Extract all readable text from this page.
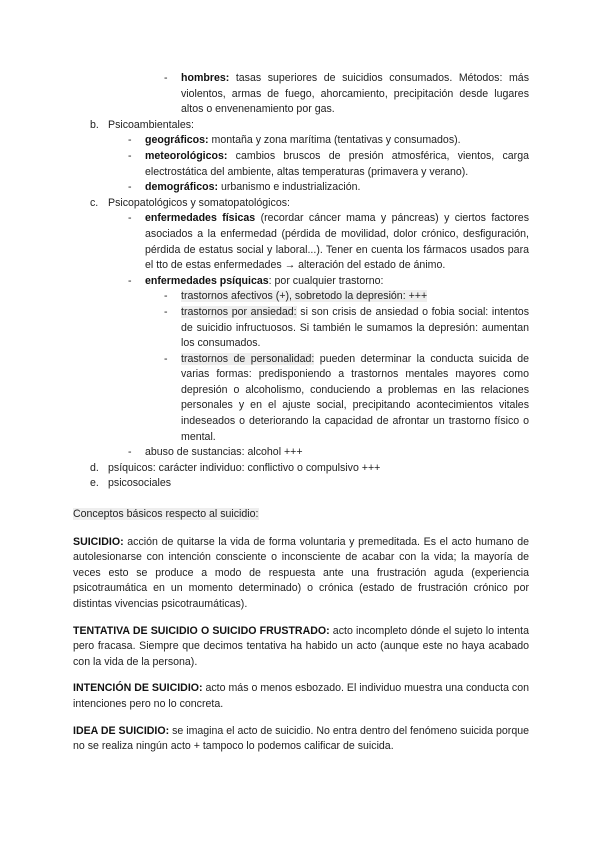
- hombres: tasas superiores de suicidios consumados. Métodos: más violentos, armas de fuego, ahorcamiento, precipitación desde lugares altos o envenenamiento por gas.
b. Psicoambientales:
- geográficos: montaña y zona marítima (tentativas y consumados).
- meteorológicos: cambios bruscos de presión atmosférica, vientos, carga electrostática del ambiente, altas temperaturas (primavera y verano).
- demográficos: urbanismo e industrialización.
c. Psicopatológicos y somatopatológicos:
- enfermedades físicas (recordar cáncer mama y páncreas) y ciertos factores asociados a la enfermedad (pérdida de movilidad, dolor crónico, desfiguración, pérdida de estatus social y laboral...). Tener en cuenta los fármacos usados para el tto de estas enfermedades → alteración del estado de ánimo.
- enfermedades psíquicas: por cualquier trastorno:
- trastornos afectivos (+), sobretodo la depresión: +++
- trastornos por ansiedad: si son crisis de ansiedad o fobia social: intentos de suicidio infructuosos. Si también le sumamos la depresión: aumentan los consumados.
- trastornos de personalidad: pueden determinar la conducta suicida de varias formas: predisponiendo a trastornos mentales mayores como depresión o alcoholismo, conduciendo a problemas en las relaciones personales y en el ajuste social, precipitando acontecimientos vitales indeseados o deteriorando la capacidad de afrontar un trastorno físico o mental.
- abuso de sustancias: alcohol +++
d. psíquicos: carácter individuo: conflictivo o compulsivo +++
e. psicosociales
Conceptos básicos respecto al suicidio:
SUICIDIO: acción de quitarse la vida de forma voluntaria y premeditada. Es el acto humano de autolesionarse con intención consciente o inconsciente de acabar con la vida; la mayoría de veces esto se produce a modo de respuesta ante una frustración aguda (experiencia psicotraumática en un momento determinado) o crónica (estado de frustración crónico por distintas vivencias psicotraumáticas).
TENTATIVA DE SUICIDIO O SUICIDO FRUSTRADO: acto incompleto dónde el sujeto lo intenta pero fracasa. Siempre que decimos tentativa ha habido un acto (aunque este no haya acabado con la vida de la persona).
INTENCIÓN DE SUICIDIO: acto más o menos esbozado. El individuo muestra una conducta con intenciones pero no lo concreta.
IDEA DE SUICIDIO: se imagina el acto de suicidio. No entra dentro del fenómeno suicida porque no se realiza ningún acto + tampoco lo podemos calificar de suicida.
